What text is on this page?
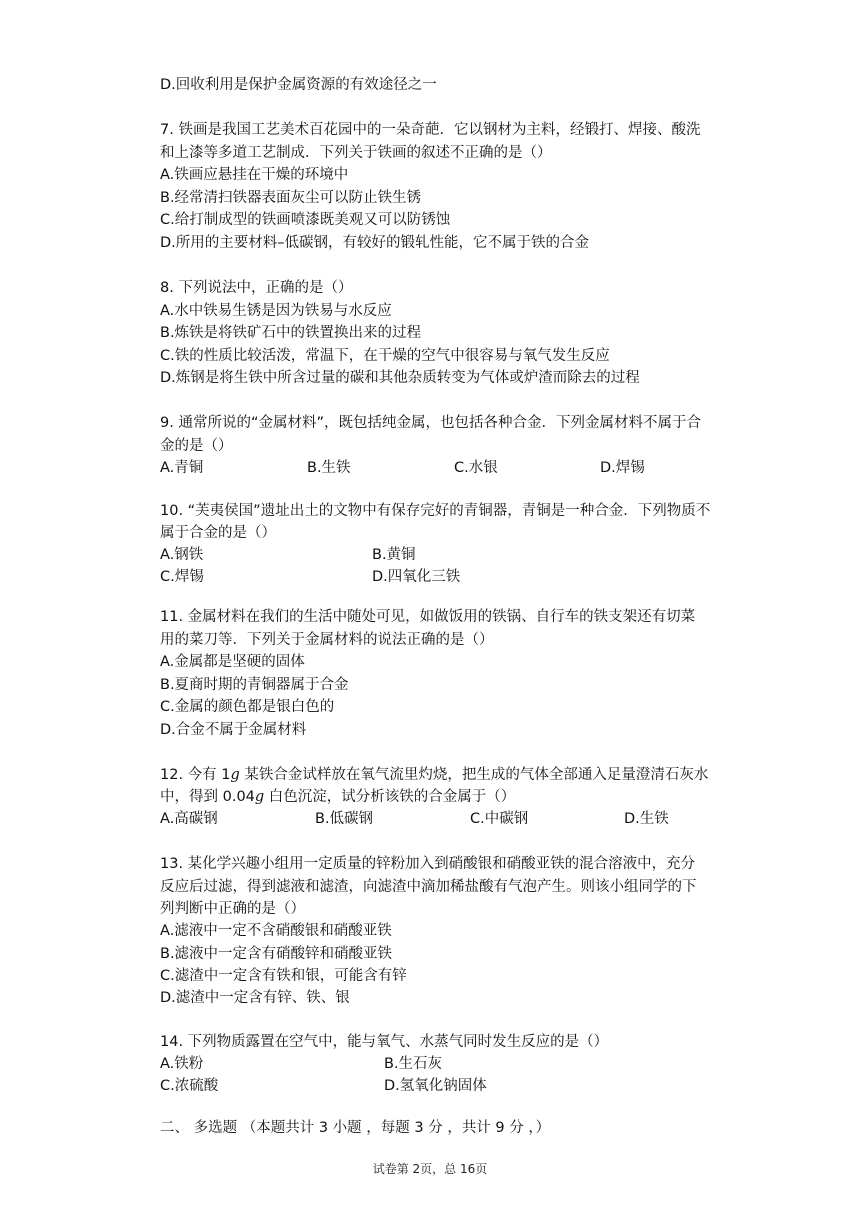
D.回收利用是保护金属资源的有效途径之一
7. 铁画是我国工艺美术百花园中的一朵奇葩．它以钢材为主料，经锻打、焊接、酸洗
和上漆等多道工艺制成．下列关于铁画的叙述不正确的是（）
A.铁画应悬挂在干燥的环境中
B.经常清扫铁器表面灰尘可以防止铁生锈
C.给打制成型的铁画喷漆既美观又可以防锈蚀
D.所用的主要材料–低碳钢，有较好的锻轧性能，它不属于铁的合金
8. 下列说法中，正确的是（）
A.水中铁易生锈是因为铁易与水反应
B.炼铁是将铁矿石中的铁置换出来的过程
C.铁的性质比较活泼，常温下，在干燥的空气中很容易与氧气发生反应
D.炼钢是将生铁中所含过量的碳和其他杂质转变为气体或炉渣而除去的过程
9. 通常所说的“金属材料”，既包括纯金属，也包括各种合金．下列金属材料不属于合
金的是（）
A.青铜	B.生铁	C.水银	D.焊锡
10. “芙夷侯国”遗址出土的文物中有保存完好的青铜器，青铜是一种合金．下列物质不
属于合金的是（）
A.钢铁	B.黄铜
C.焊锡	D.四氧化三铁
11. 金属材料在我们的生活中随处可见，如做饭用的铁锅、自行车的铁支架还有切菜
用的菜刀等．下列关于金属材料的说法正确的是（）
A.金属都是坚硬的固体
B.夏商时期的青铜器属于合金
C.金属的颜色都是银白色的
D.合金不属于金属材料
12. 今有 1g 某铁合金试样放在氧气流里灼烧，把生成的气体全部通入足量澄清石灰水
中，得到 0.04g 白色沉淀，试分析该铁的合金属于（）
A.高碳钢	B.低碳钢	C.中碳钢	D.生铁
13. 某化学兴趣小组用一定质量的锌粉加入到硝酸银和硝酸亚铁的混合溶液中，充分
反应后过滤，得到滤液和滤渣，向滤渣中滴加稀盐酸有气泡产生。则该小组同学的下
列判断中正确的是（）
A.滤液中一定不含硝酸银和硝酸亚铁
B.滤液中一定含有硝酸锌和硝酸亚铁
C.滤渣中一定含有铁和银，可能含有锌
D.滤渣中一定含有锌、铁、银
14. 下列物质露置在空气中，能与氧气、水蒸气同时发生反应的是（）
A.铁粉	B.生石灰
C.浓硫酸	D.氢氧化钠固体
二、 多选题 （本题共计 3 小题 ，每题 3 分 ，共计 9 分 ，）
试卷第 2页，总 16页
